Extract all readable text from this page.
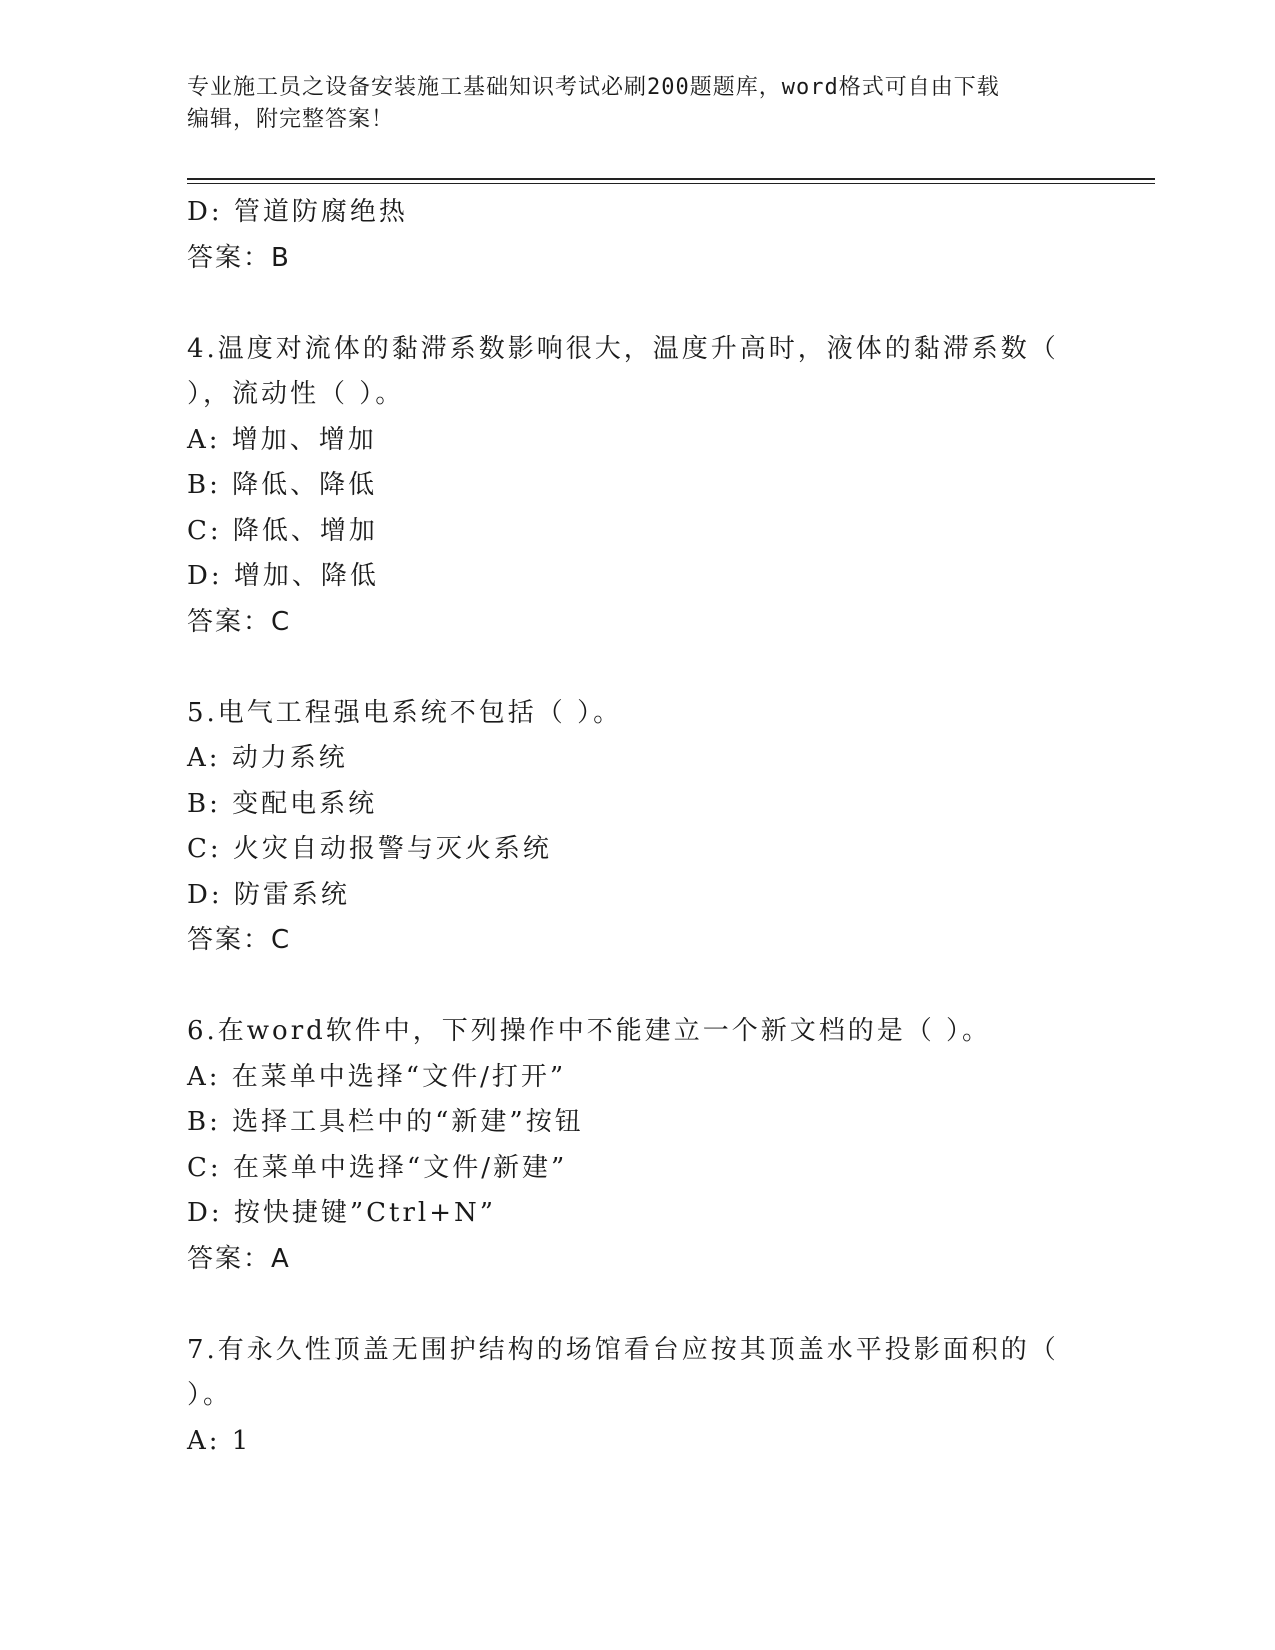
专业施工员之设备安装施工基础知识考试必刷200题题库，word格式可自由下载
编辑，附完整答案！
D: 管道防腐绝热
答案：B
4.温度对流体的黏滞系数影响很大，温度升高时，液体的黏滞系数（
），流动性（ ）。
A: 增加、增加
B: 降低、降低
C: 降低、增加
D: 增加、降低
答案：C
5.电气工程强电系统不包括（ ）。
A: 动力系统
B: 变配电系统
C: 火灾自动报警与灭火系统
D: 防雷系统
答案：C
6.在word软件中，下列操作中不能建立一个新文档的是（ ）。
A: 在菜单中选择“文件/打开”
B: 选择工具栏中的“新建”按钮
C: 在菜单中选择“文件/新建”
D: 按快捷键”Ctrl+N”
答案：A
7.有永久性顶盖无围护结构的场馆看台应按其顶盖水平投影面积的（
）。
A: 1
